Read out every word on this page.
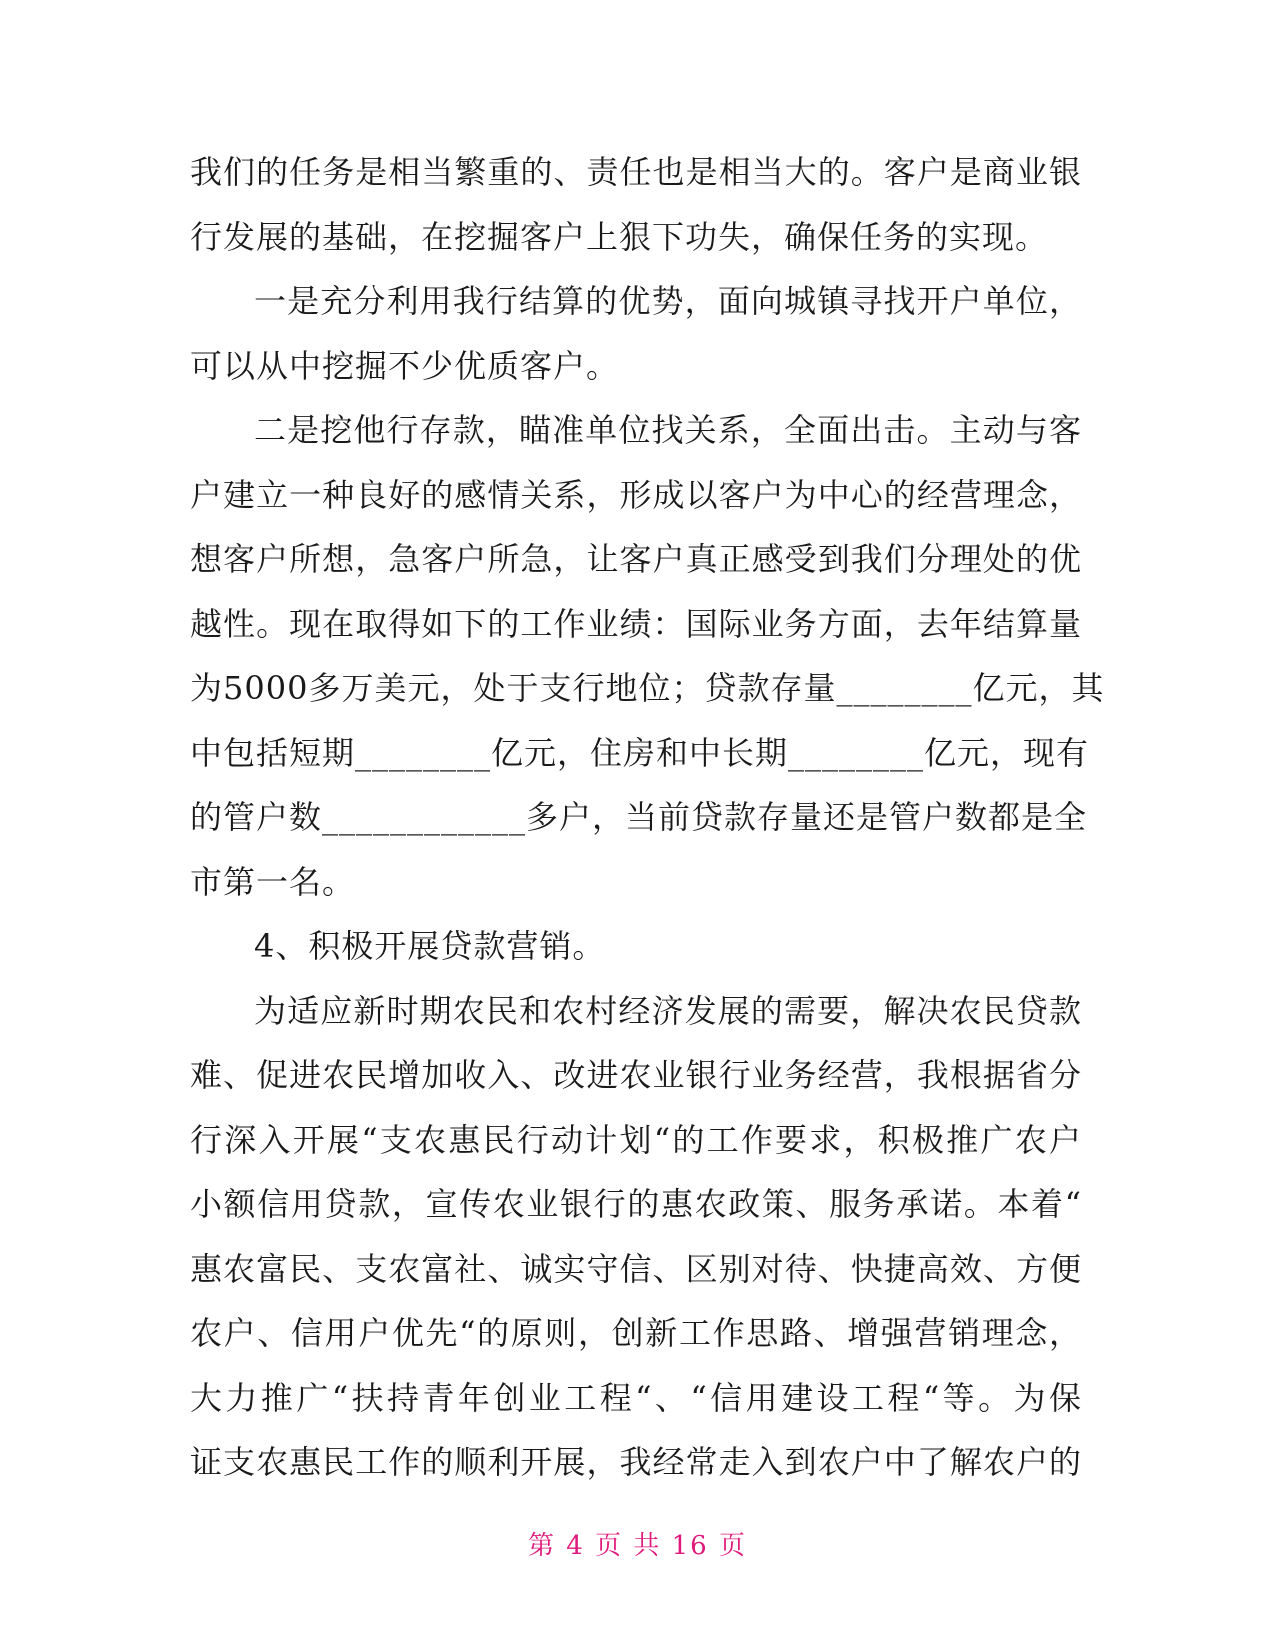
我们的任务是相当繁重的、责任也是相当大的。客户是商业银
行发展的基础，在挖掘客户上狠下功失，确保任务的实现。
一是充分利用我行结算的优势，面向城镇寻找开户单位，
可以从中挖掘不少优质客户。
二是挖他行存款，瞄准单位找关系，全面出击。主动与客
户建立一种良好的感情关系，形成以客户为中心的经营理念，
想客户所想，急客户所急，让客户真正感受到我们分理处的优
越性。现在取得如下的工作业绩：国际业务方面，去年结算量
为5000多万美元，处于支行地位；贷款存量________亿元，其
中包括短期________亿元，住房和中长期________亿元，现有
的管户数____________多户，当前贷款存量还是管户数都是全
市第一名。
4、积极开展贷款营销。
为适应新时期农民和农村经济发展的需要，解决农民贷款
难、促进农民增加收入、改进农业银行业务经营，我根据省分
行深入开展“支农惠民行动计划“的工作要求，积极推广农户
小额信用贷款，宣传农业银行的惠农政策、服务承诺。本着“
惠农富民、支农富社、诚实守信、区别对待、快捷高效、方便
农户、信用户优先“的原则，创新工作思路、增强营销理念，
大力推广“扶持青年创业工程“、“信用建设工程“等。为保
证支农惠民工作的顺利开展，我经常走入到农户中了解农户的
第 4 页 共 16 页
